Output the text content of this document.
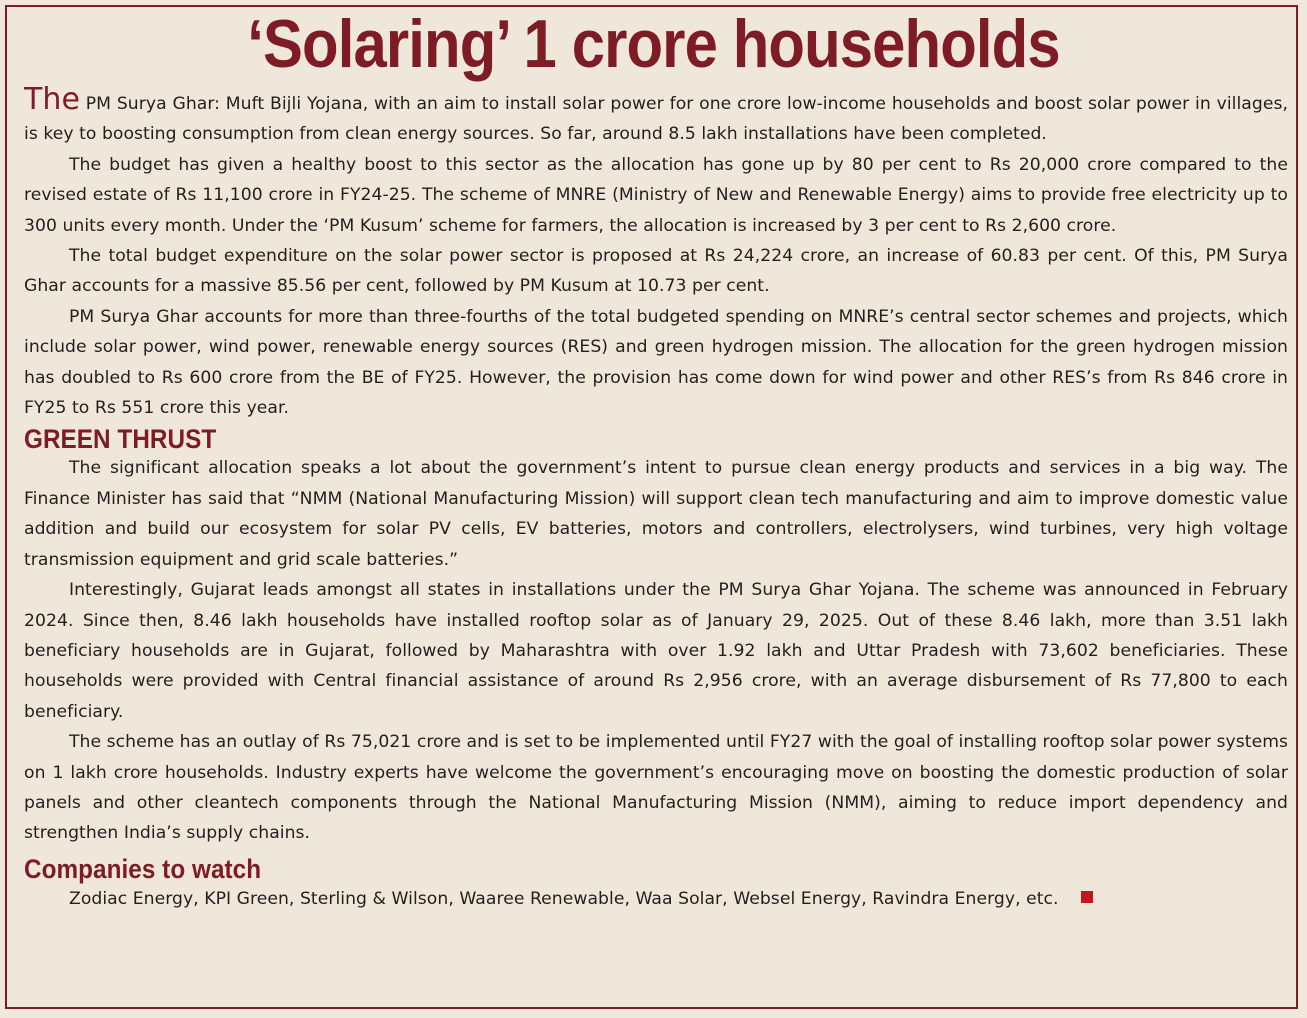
‘Solaring’ 1 crore households

The PM Surya Ghar: Muft Bijli Yojana, with an aim to install solar power for one crore low-income households and boost solar power in villages, is key to boosting consumption from clean energy sources. So far, around 8.5 lakh installations have been completed.

The budget has given a healthy boost to this sector as the allocation has gone up by 80 per cent to Rs 20,000 crore compared to the revised estate of Rs 11,100 crore in FY24-25. The scheme of MNRE (Ministry of New and Renewable Energy) aims to provide free electricity up to 300 units every month. Under the ‘PM Kusum’ scheme for farmers, the allocation is increased by 3 per cent to Rs 2,600 crore.

The total budget expenditure on the solar power sector is proposed at Rs 24,224 crore, an increase of 60.83 per cent. Of this, PM Surya Ghar accounts for a massive 85.56 per cent, followed by PM Kusum at 10.73 per cent.

PM Surya Ghar accounts for more than three-fourths of the total budgeted spending on MNRE’s central sector schemes and projects, which include solar power, wind power, renewable energy sources (RES) and green hydrogen mission. The allocation for the green hydrogen mission has doubled to Rs 600 crore from the BE of FY25. However, the provision has come down for wind power and other RES’s from Rs 846 crore in FY25 to Rs 551 crore this year.

GREEN THRUST

The significant allocation speaks a lot about the government’s intent to pursue clean energy products and services in a big way. The Finance Minister has said that “NMM (National Manufacturing Mission) will support clean tech manufacturing and aim to improve domestic value addition and build our ecosystem for solar PV cells, EV batteries, motors and controllers, electrolysers, wind turbines, very high voltage transmission equipment and grid scale batteries.”

Interestingly, Gujarat leads amongst all states in installations under the PM Surya Ghar Yojana. The scheme was announced in February 2024. Since then, 8.46 lakh households have installed rooftop solar as of January 29, 2025. Out of these 8.46 lakh, more than 3.51 lakh beneficiary households are in Gujarat, followed by Maharashtra with over 1.92 lakh and Uttar Pradesh with 73,602 beneficiaries. These households were provided with Central financial assistance of around Rs 2,956 crore, with an average disbursement of Rs 77,800 to each beneficiary.

The scheme has an outlay of Rs 75,021 crore and is set to be implemented until FY27 with the goal of installing rooftop solar power systems on 1 lakh crore households. Industry experts have welcome the government’s encouraging move on boosting the domestic production of solar panels and other cleantech components through the National Manufacturing Mission (NMM), aiming to reduce import dependency and strengthen India’s supply chains.

Companies to watch

Zodiac Energy, KPI Green, Sterling & Wilson, Waaree Renewable, Waa Solar, Websel Energy, Ravindra Energy, etc.
